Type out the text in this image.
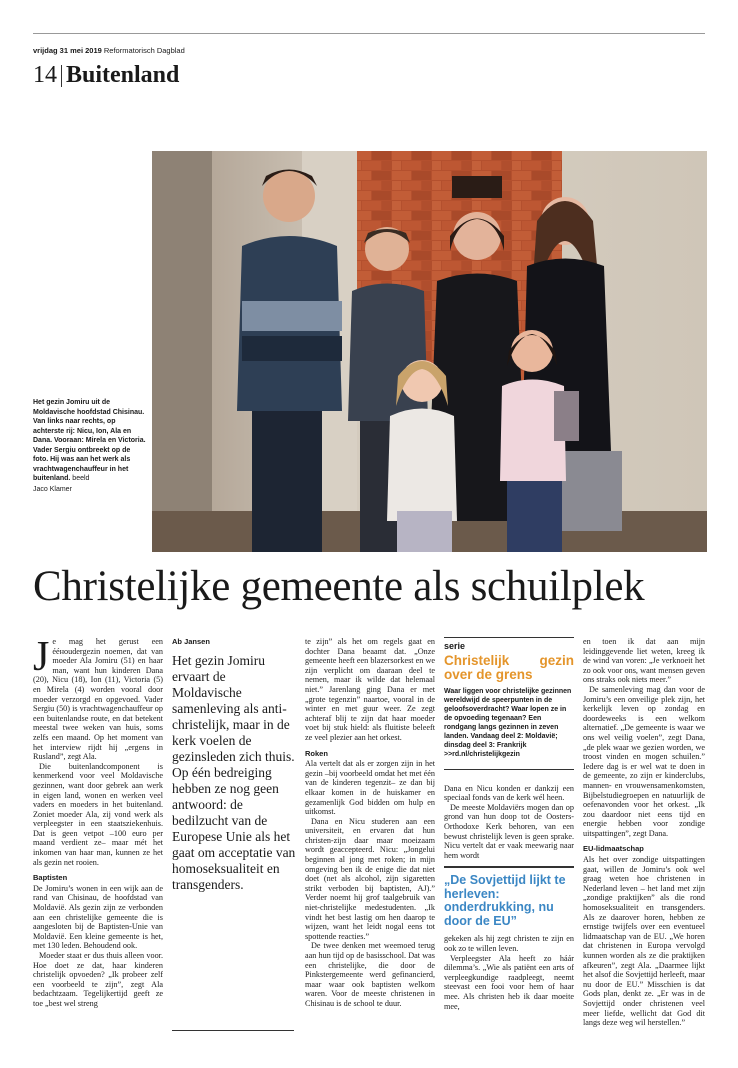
vrijdag 31 mei 2019 Reformatorisch Dagblad
14 Buitenland
Het gezin Jomiru uit de Moldavische hoofdstad Chisinau. Van links naar rechts, op achterste rij: Nicu, Ion, Ala en Dana. Vooraan: Mirela en Victoria. Vader Sergiu ontbreekt op de foto. Hij was aan het werk als vrachtwagenchauffeur in het buitenland. beeld
Jaco Klamer
Christelijke gemeente als schuilplek

Je mag het gerust een ééноudergezin noemen, dat van moeder Ala Jomiru (51) en haar man, want hun kinderen Dana (20), Nicu (18), Ion (11), Victoria (5) en Mirela (4) worden vooral door moeder verzorgd en opgevoed. Vader Sergiu (50) is vrachtwagenchauffeur op een buitenlandse route, en dat betekent meestal twee weken van huis, soms zelfs een maand. Op het moment van het interview rijdt hij „ergens in Rusland”, zegt Ala.

Die buitenlandcomponent is kenmerkend voor veel Moldavische gezinnen, want door gebrek aan werk in eigen land, wonen en werken veel vaders en moeders in het buitenland. Zoniet moeder Ala, zij vond werk als verpleegster in een staatsziekenhuis. Dat is geen vetpot –100 euro per maand verdient ze– maar mét het inkomen van haar man, kunnen ze het als gezin net rooien.

Baptisten

De Jomiru’s wonen in een wijk aan de rand van Chisinau, de hoofdstad van Moldavië. Als gezin zijn ze verbonden aan een christelijke gemeente die is aangesloten bij de Baptisten-Unie van Moldavië. Een kleine gemeente is het, met 130 leden. Behoudend ook.

Moeder staat er dus thuis alleen voor. Hoe doet ze dat, haar kinderen christelijk opvoeden? „Ik probeer zelf een voorbeeld te zijn”, zegt Ala bedachtzaam. Tegelijkertijd geeft ze toe „best wel streng

Ab Jansen
Het gezin Jomiru ervaart de Moldavische samenleving als anti-christelijk, maar in de kerk voelen de gezinsleden zich thuis. Op één bedreiging hebben ze nog geen antwoord: de bedilzucht van de Europese Unie als het gaat om acceptatie van homoseksualiteit en transgenders.

te zijn” als het om regels gaat en dochter Dana beaamt dat. „Onze gemeente heeft een blazersorkest en we zijn verplicht om daaraan deel te nemen, maar ik wilde dat helemaal niet.” Jarenlang ging Dana er met „grote tegenzin” naartoe, vooral in de winter en met guur weer. Ze zegt achteraf blij te zijn dat haar moeder voet bij stuk hield: als fluitiste beleeft ze veel plezier aan het orkest.

Roken

Ala vertelt dat als er zorgen zijn in het gezin –bij voorbeeld omdat het met één van de kinderen tegenzit– ze dan bij elkaar komen in de huiskamer en gezamenlijk God bidden om hulp en uitkomst.

Dana en Nicu studeren aan een universiteit, en ervaren dat hun christen-zijn daar maar moeizaam wordt geaccepteerd. Nicu: „Jongelui beginnen al jong met roken; in mijn omgeving ben ik de enige die dat niet doet (net als alcohol, zijn sigaretten strikt verboden bij baptisten, AJ).” Verder noemt hij grof taalgebruik van niet-christelijke medestudenten. „Ik vindt het best lastig om hen daarop te wijzen, want het leidt nogal eens tot spottende reacties.”

De twee denken met weemoed terug aan hun tijd op de basisschool. Dat was een christelijke, die door de Pinkstergemeente werd gefinancierd, maar waar ook baptisten welkom waren. Voor de meeste christenen in Chisinau is de school te duur.

serie
Christelijk gezin over de grens
Waar liggen voor christelijke gezinnen wereldwijd de speerpunten in de geloofsoverdracht? Waar lopen ze in de opvoeding tegenaan? Een rondgang langs gezinnen in zeven landen. Vandaag deel 2: Moldavië; dinsdag deel 3: Frankrijk
>>rd.nl/christelijkgezin

Dana en Nicu konden er dankzij een speciaal fonds van de kerk wél heen.

De meeste Moldaviërs mogen dan op grond van hun doop tot de Oosters-Orthodoxe Kerk behoren, van een bewust christelijk leven is geen sprake. Nicu vertelt dat er vaak meewarig naar hem wordt

„De Sovjettijd lijkt te herleven: onderdrukking, nu door de EU”

gekeken als hij zegt christen te zijn en ook zo te willen leven.

Verpleegster Ala heeft zo háár dilemma’s. „Wie als patiënt een arts of verpleegkundige raadpleegt, neemt steevast een fooi voor hem of haar mee. Als christen heb ik daar moeite mee,

en toen ik dat aan mijn leidinggevende liet weten, kreeg ik de wind van voren: „Je verknoeit het zo ook voor ons, want mensen geven ons straks ook niets meer.”

De samenleving mag dan voor de Jomiru’s een onveilige plek zijn, het kerkelijk leven op zondag en doordeweeks is een welkom alternatief. „De gemeente is waar we ons wel veilig voelen”, zegt Dana, „de plek waar we gezien worden, we troost vinden en mogen schuilen.” Iedere dag is er wel wat te doen in de gemeente, zo zijn er kinderclubs, mannen- en vrouwensamenkomsten, Bijbelstudiegroepen en natuurlijk de oefenavonden voor het orkest. „Ik zou daardoor niet eens tijd en energie hebben voor zondige uitspattingen”, zegt Dana.

EU-lidmaatschap

Als het over zondige uitspattingen gaat, willen de Jomiru’s ook wel graag weten hoe christenen in Nederland leven – het land met zijn „zondige praktijken” als die rond homoseksualiteit en transgenders. Als ze daarover horen, hebben ze ernstige twijfels over een eventueel lidmaatschap van de EU. „We horen dat christenen in Europa vervolgd kunnen worden als ze die praktijken afkeuren”, zegt Ala. „Daarmee lijkt het alsof die Sovjettijd herleeft, maar nu door de EU.” Misschien is dat Gods plan, denkt ze. „Er was in de Sovjettijd onder christenen veel meer liefde, wellicht dat God dit langs deze weg wil herstellen.”
